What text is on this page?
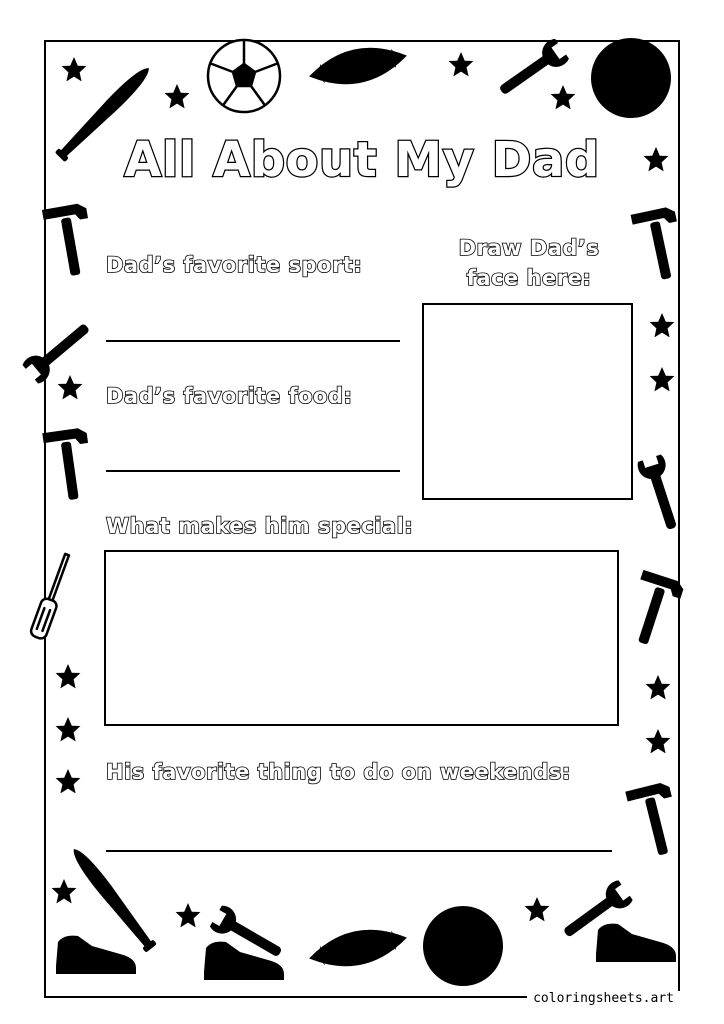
All About My Dad
Dad’s favorite sport:
Dad’s favorite food:
Draw Dad’s
face here:
What makes him special:
His favorite thing to do on weekends:
coloringsheets.art
